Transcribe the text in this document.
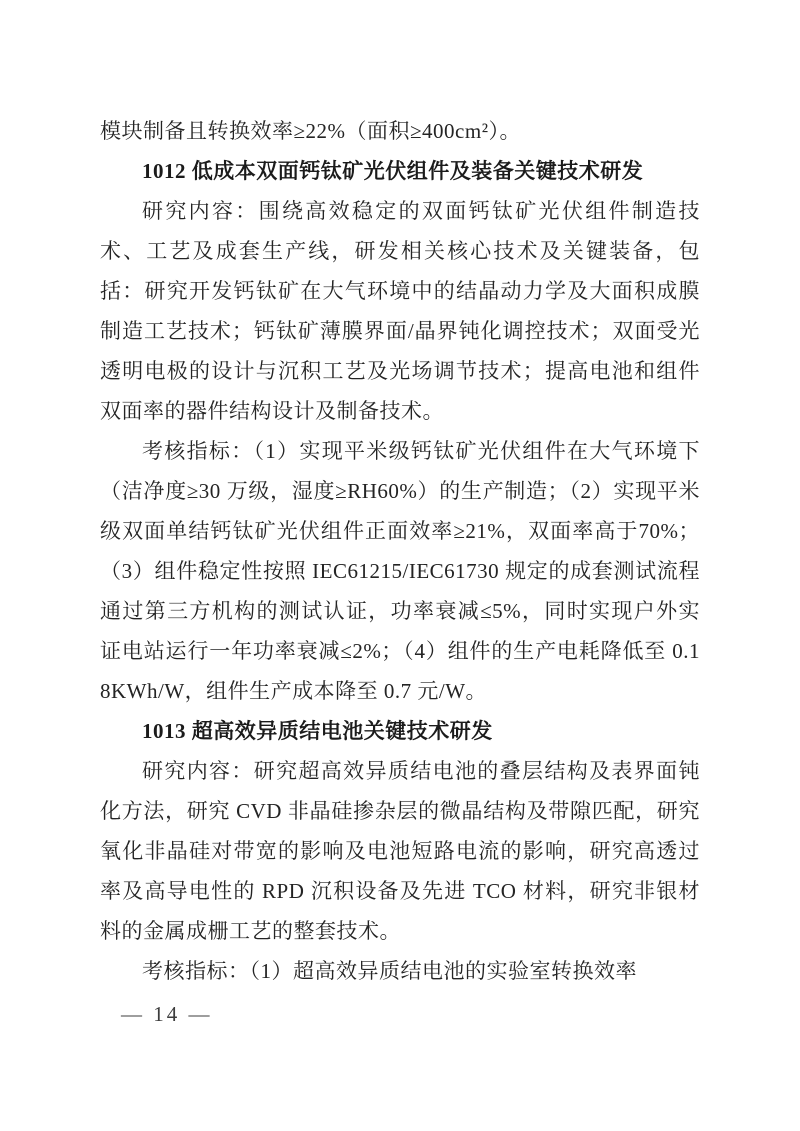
模块制备且转换效率≥22%（面积≥400cm²）。

1012 低成本双面钙钛矿光伏组件及装备关键技术研发

研究内容：围绕高效稳定的双面钙钛矿光伏组件制造技术、工艺及成套生产线，研发相关核心技术及关键装备，包括：研究开发钙钛矿在大气环境中的结晶动力学及大面积成膜制造工艺技术；钙钛矿薄膜界面/晶界钝化调控技术；双面受光透明电极的设计与沉积工艺及光场调节技术；提高电池和组件双面率的器件结构设计及制备技术。

考核指标：（1）实现平米级钙钛矿光伏组件在大气环境下（洁净度≥30 万级，湿度≥RH60%）的生产制造；（2）实现平米级双面单结钙钛矿光伏组件正面效率≥21%，双面率高于70%；（3）组件稳定性按照 IEC61215/IEC61730 规定的成套测试流程通过第三方机构的测试认证，功率衰减≤5%，同时实现户外实证电站运行一年功率衰减≤2%；（4）组件的生产电耗降低至 0.18KWh/W，组件生产成本降至 0.7 元/W。

1013 超高效异质结电池关键技术研发

研究内容：研究超高效异质结电池的叠层结构及表界面钝化方法，研究 CVD 非晶硅掺杂层的微晶结构及带隙匹配，研究氧化非晶硅对带宽的影响及电池短路电流的影响，研究高透过率及高导电性的 RPD 沉积设备及先进 TCO 材料，研究非银材料的金属成栅工艺的整套技术。

考核指标：（1）超高效异质结电池的实验室转换效率

— 14 —
